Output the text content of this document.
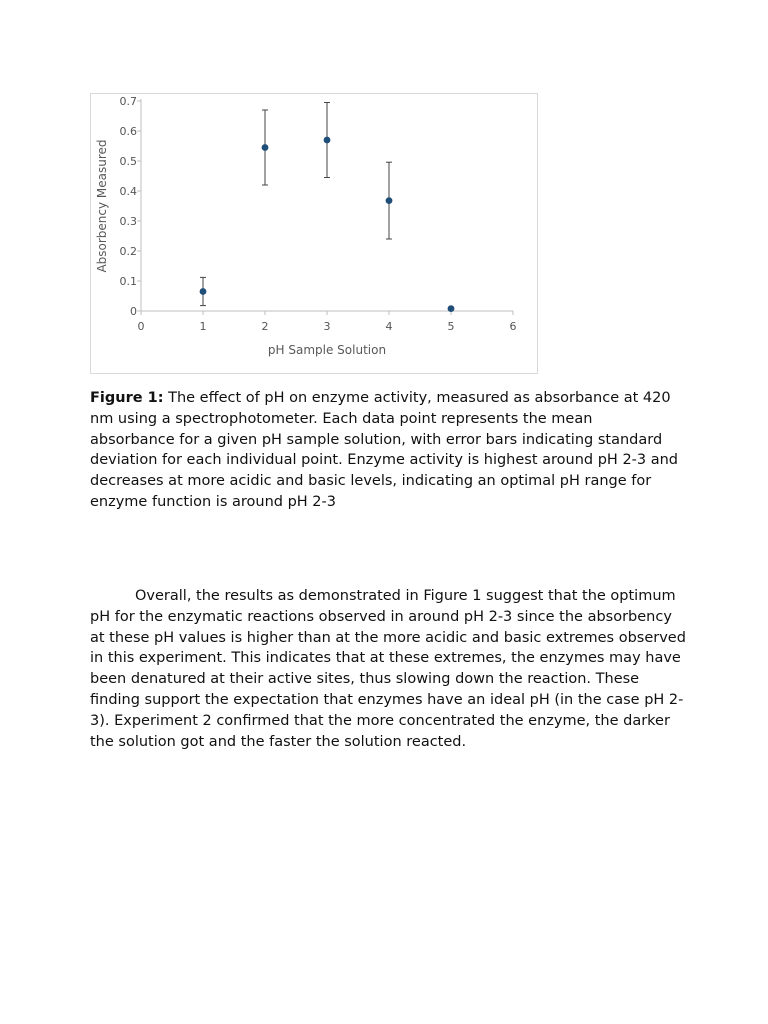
0	1	2	3	4	5	6
0
0.1
0.2
0.3
0.4
0.5
0.6
0.7
pH Sample Solution
Absorbency Measured

Figure 1: The effect of pH on enzyme activity, measured as absorbance at 420 nm using a spectrophotometer. Each data point represents the mean absorbance for a given pH sample solution, with error bars indicating standard deviation for each individual point. Enzyme activity is highest around pH 2-3 and decreases at more acidic and basic levels, indicating an optimal pH range for enzyme function is around pH 2-3

Overall, the results as demonstrated in Figure 1 suggest that the optimum pH for the enzymatic reactions observed in around pH 2-3 since the absorbency at these pH values is higher than at the more acidic and basic extremes observed in this experiment. This indicates that at these extremes, the enzymes may have been denatured at their active sites, thus slowing down the reaction. These finding support the expectation that enzymes have an ideal pH (in the case pH 2-3). Experiment 2 confirmed that the more concentrated the enzyme, the darker the solution got and the faster the solution reacted.
